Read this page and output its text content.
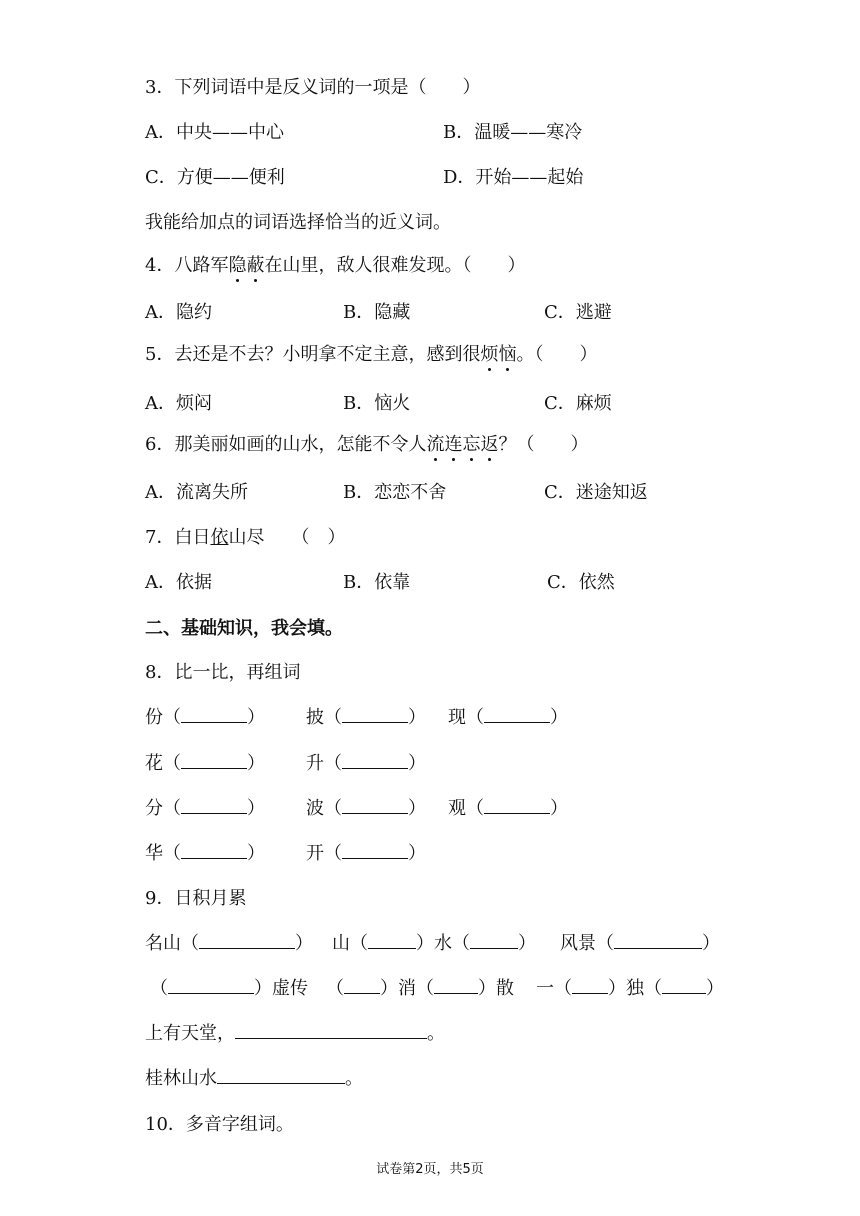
3．下列词语中是反义词的一项是（　　）
A．中央——中心	B．温暖——寒冷
C．方便——便利	D．开始——起始
我能给加点的词语选择恰当的近义词。
4．八路军隐蔽在山里，敌人很难发现。（　　）
A．隐约	B．隐藏	C．逃避
5．去还是不去？小明拿不定主意，感到很烦恼。（　　）
A．烦闷	B．恼火	C．麻烦
6．那美丽如画的山水，怎能不令人流连忘返？（　　）
A．流离失所	B．恋恋不舍	C．迷途知返
7．白日依山尽　　（　）
A．依据	B．依靠	C．依然
二、基础知识，我会填。
8．比一比，再组词
份（	） 披（	） 现（	）
花（	） 升（	）
分（	） 波（	） 观（	）
华（	） 开（	）
9．日积月累
名山（	） 山（	）水（	） 风景（	）
（	）虚传 （ ）消（ ）散 一（ ）独（ ）
上有天堂，	。
桂林山水	。
10．多音字组词。
试卷第2页，共5页
